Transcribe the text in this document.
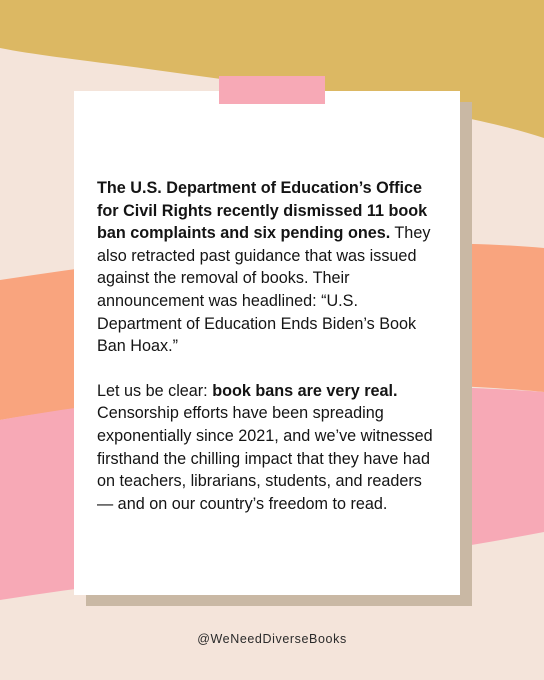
The U.S. Department of Education’s Office for Civil Rights recently dismissed 11 book ban complaints and six pending ones. They also retracted past guidance that was issued against the removal of books. Their announcement was headlined: “U.S. Department of Education Ends Biden’s Book Ban Hoax.”

Let us be clear: book bans are very real. Censorship efforts have been spreading exponentially since 2021, and we’ve witnessed firsthand the chilling impact that they have had on teachers, librarians, students, and readers — and on our country’s freedom to read.

@WeNeedDiverseBooks
